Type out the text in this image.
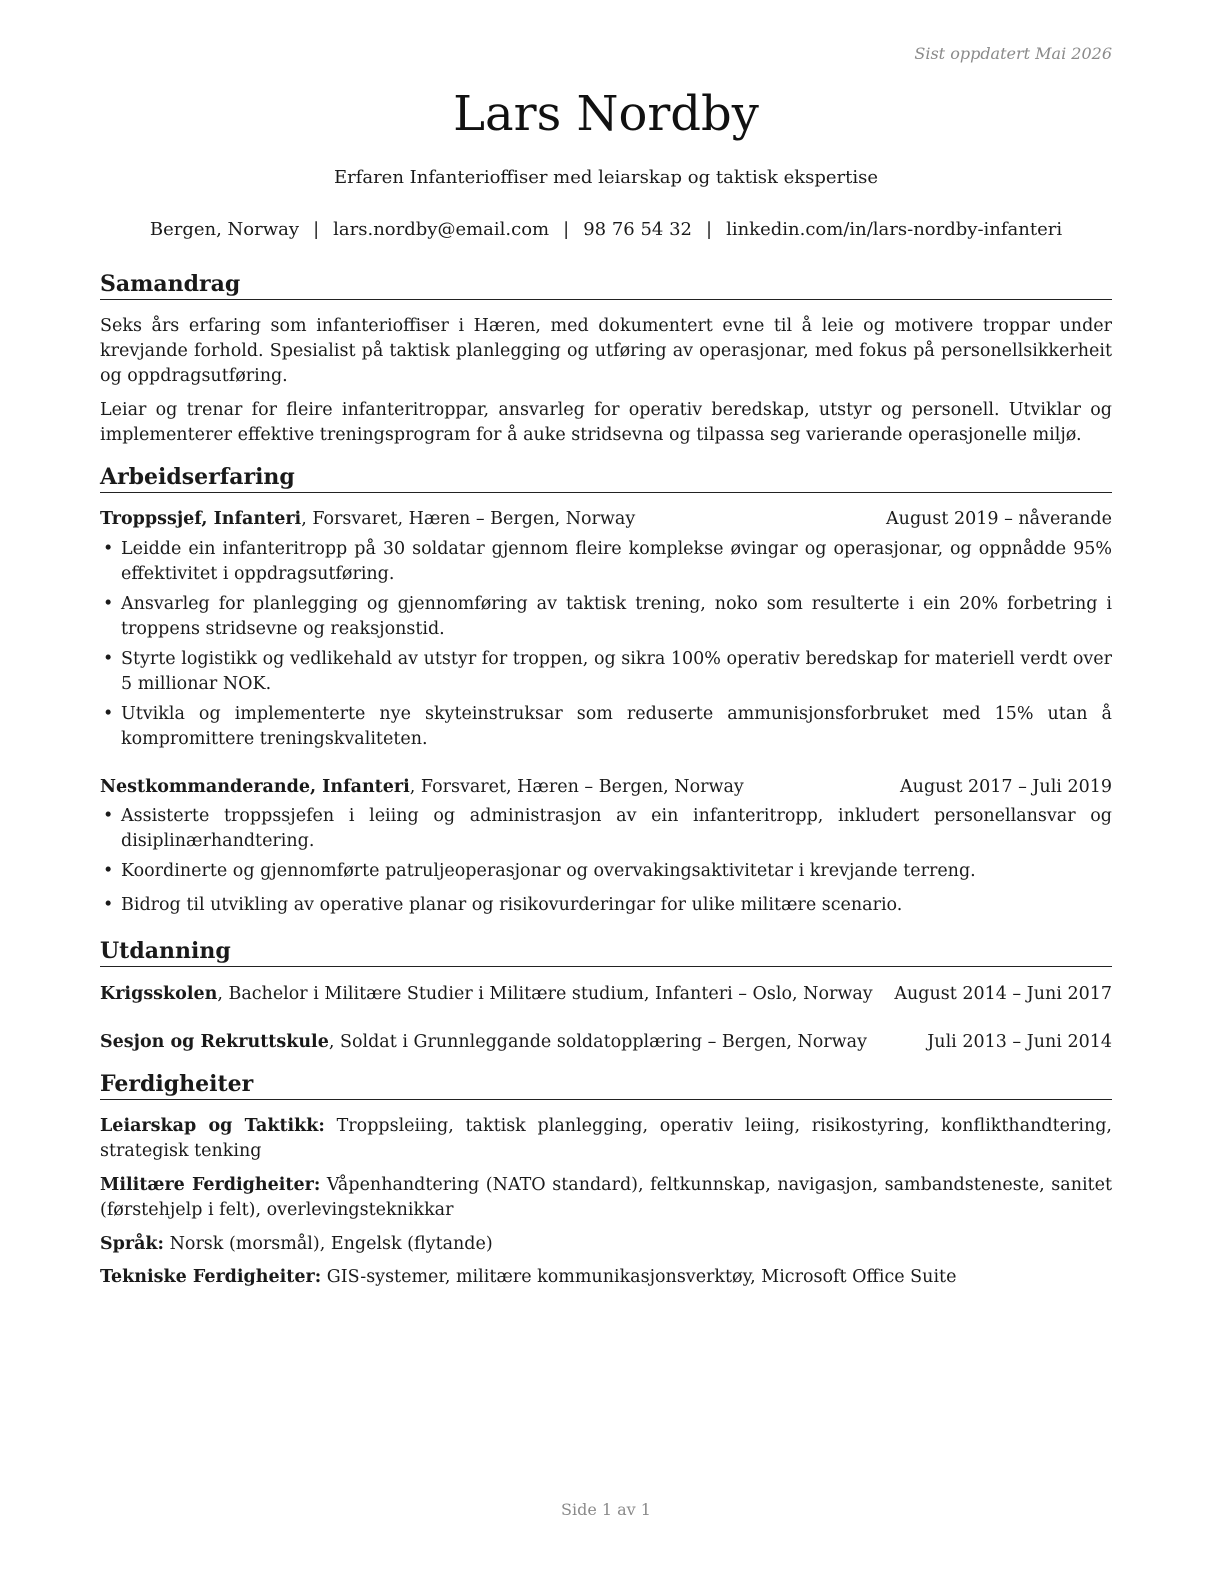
Sist oppdatert Mai 2026
Lars Nordby
Erfaren Infanterioffiser med leiarskap og taktisk ekspertise
Bergen, Norway | lars.nordby@email.com | 98 76 54 32 | linkedin.com/in/lars-nordby-infanteri
Samandrag

Seks års erfaring som infanterioffiser i Hæren, med dokumentert evne til å leie og motivere troppar under krevjande forhold. Spesialist på taktisk planlegging og utføring av operasjonar, med fokus på personellsikkerheit og oppdragsutføring.

Leiar og trenar for fleire infanteritroppar, ansvarleg for operativ beredskap, utstyr og personell. Utviklar og implementerer effektive treningsprogram for å auke stridsevna og tilpassa seg varierande operasjonelle miljø.

Arbeidserfaring
Troppssjef, Infanteri, Forsvaret, Hæren – Bergen, Norway	August 2019 – nåverande
• Leidde ein infanteritropp på 30 soldatar gjennom fleire komplekse øvingar og operasjonar, og oppnådde 95% effektivitet i oppdragsutføring.
• Ansvarleg for planlegging og gjennomføring av taktisk trening, noko som resulterte i ein 20% forbetring i troppens stridsevne og reaksjonstid.
• Styrte logistikk og vedlikehald av utstyr for troppen, og sikra 100% operativ beredskap for materiell verdt over 5 millionar NOK.
• Utvikla og implementerte nye skyteinstruksar som reduserte ammunisjonsforbruket med 15% utan å kompromittere treningskvaliteten.
Nestkommanderande, Infanteri, Forsvaret, Hæren – Bergen, Norway	August 2017 – Juli 2019
• Assisterte troppssjefen i leiing og administrasjon av ein infanteritropp, inkludert personellansvar og disiplinærhandtering.
• Koordinerte og gjennomførte patruljeoperasjonar og overvakingsaktivitetar i krevjande terreng.
• Bidrog til utvikling av operative planar og risikovurderingar for ulike militære scenario.
Utdanning
Krigsskolen, Bachelor i Militære Studier i Militære studium, Infanteri – Oslo, Norway August 2014 – Juni 2017
Sesjon og Rekruttskule, Soldat i Grunnleggande soldatopplæring – Bergen, Norway	Juli 2013 – Juni 2014
Ferdigheiter
Leiarskap og Taktikk: Troppsleiing, taktisk planlegging, operativ leiing, risikostyring, konflikthandtering, strategisk tenking
Militære Ferdigheiter: Våpenhandtering (NATO standard), feltkunnskap, navigasjon, sambandsteneste, sanitet (førstehjelp i felt), overlevingsteknikkar
Språk: Norsk (morsmål), Engelsk (flytande)
Tekniske Ferdigheiter: GIS-systemer, militære kommunikasjonsverktøy, Microsoft Office Suite
Side 1 av 1
